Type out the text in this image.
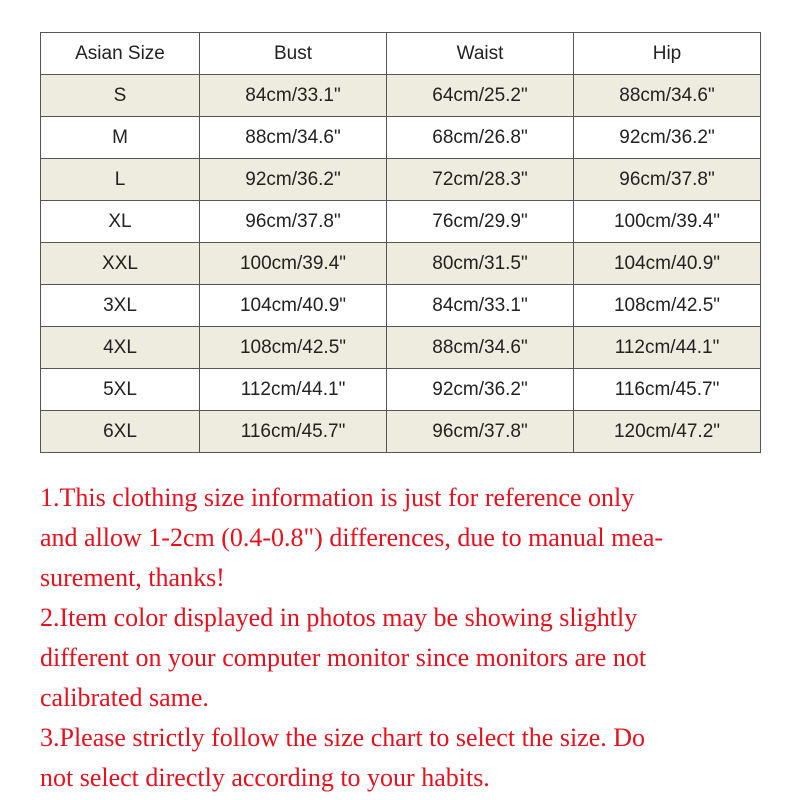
Asian Size	Bust	Waist	Hip
S	84cm/33.1"	64cm/25.2"	88cm/34.6"
M	88cm/34.6"	68cm/26.8"	92cm/36.2"
L	92cm/36.2"	72cm/28.3"	96cm/37.8"
XL	96cm/37.8"	76cm/29.9"	100cm/39.4"
XXL	100cm/39.4"	80cm/31.5"	104cm/40.9"
3XL	104cm/40.9"	84cm/33.1"	108cm/42.5"
4XL	108cm/42.5"	88cm/34.6"	112cm/44.1"
5XL	112cm/44.1"	92cm/36.2"	116cm/45.7"
6XL	116cm/45.7"	96cm/37.8"	120cm/47.2"
1.This clothing size information is just for reference only
and allow 1-2cm (0.4-0.8") differences, due to manual mea-
surement, thanks!
2.Item color displayed in photos may be showing slightly
different on your computer monitor since monitors are not
calibrated same.
3.Please strictly follow the size chart to select the size. Do
not select directly according to your habits.
